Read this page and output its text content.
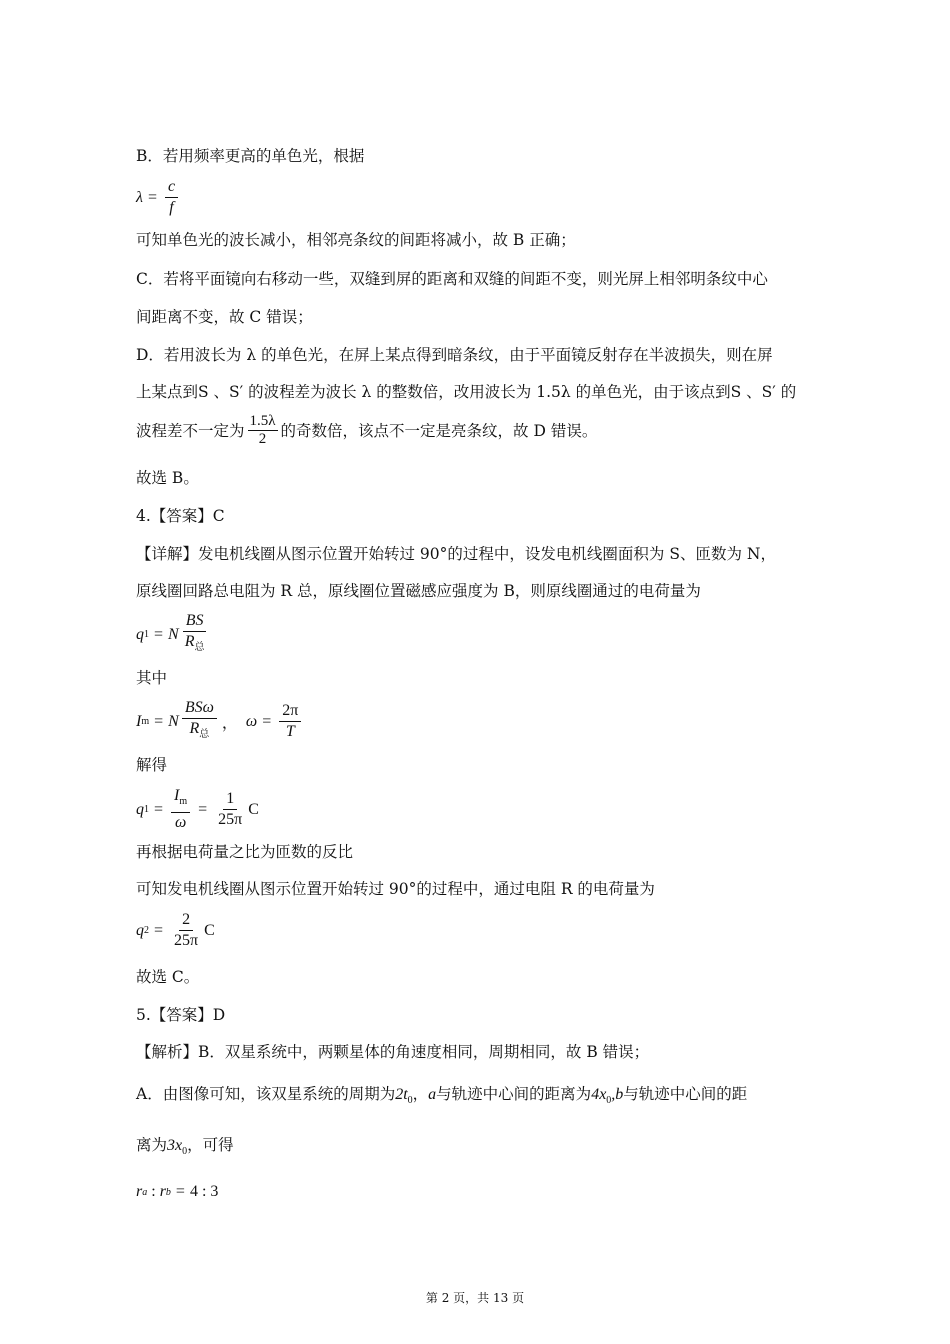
B．若用频率更高的单色光，根据
$\lambda = \frac{c}{f}$
可知单色光的波长减小，相邻亮条纹的间距将减小，故 B 正确；
C．若将平面镜向右移动一些，双缝到屏的距离和双缝的间距不变，则光屏上相邻明条纹中心
间距离不变，故 C 错误；
D．若用波长为 λ 的单色光，在屏上某点得到暗条纹，由于平面镜反射存在半波损失，则在屏
上某点到S 、S′ 的波程差为波长 λ 的整数倍，改用波长为 1.5λ 的单色光，由于该点到S 、S′ 的
波程差不一定为 $\frac{1.5\lambda}{2}$ 的奇数倍，该点不一定是亮条纹，故 D 错误。
故选 B。
4.【答案】C
【详解】发电机线圈从图示位置开始转过 90°的过程中，设发电机线圈面积为 S、匝数为 N，
原线圈回路总电阻为 R 总，原线圈位置磁感应强度为 B，则原线圈通过的电荷量为
q 1 = N $\frac{BS}{R_总}$
其中
I m = N $\frac{\text{BSω}}{R_总}$ ， $\omega = \frac{2\pi}{T}$
解得
q $1 = \frac{I_m}{\omega} = \frac{1}{25\pi}$ C
再根据电荷量之比为匝数的反比
可知发电机线圈从图示位置开始转过 90°的过程中，通过电阻 R 的电荷量为
q $2 = \frac{2}{25\pi}$ C
故选 C。
5.【答案】D
【解析】B．双星系统中，两颗星体的角速度相同，周期相同，故 B 错误；
A．由图像可知，该双星系统的周期为 $2t_0$ ， a 与轨迹中心间的距离为 $4x_0$ ,b 与轨迹中心间的距
离为 $3x_0$ ，可得
r a : r b = 4 : 3
第 2 页，共 13 页
